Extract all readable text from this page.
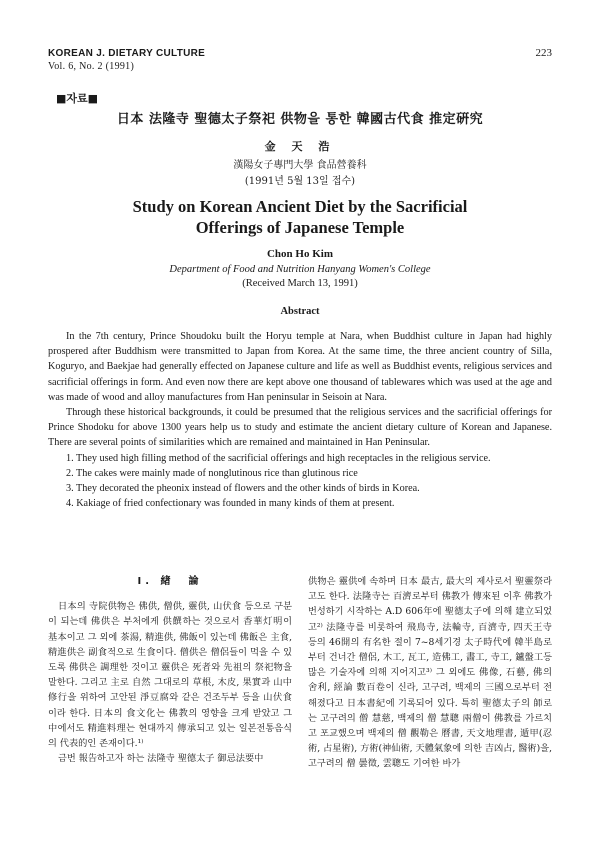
KOREAN J. DIETARY CULTURE
Vol. 6, No. 2 (1991)
223
■자료■
日本 法隆寺 聖德太子祭祀 供物을 통한 韓國古代食 推定硏究
金 天 浩
漢陽女子專門大學 食品營養科
(1991년 5월 13일 접수)
Study on Korean Ancient Diet by the Sacrificial
Offerings of Japanese Temple
Chon Ho Kim
Department of Food and Nutrition Hanyang Women's College
(Received March 13, 1991)
Abstract

In the 7th century, Prince Shoudoku built the Horyu temple at Nara, when Buddhist culture in Japan had highly prospered after Buddhism were transmitted to Japan from Korea. At the same time, the three ancient country of Silla, Koguryo, and Baekjae had generally effected on Japanese culture and life as well as Buddhist events, religious services and sacrificial offerings in form. And even now there are kept above one thousand of tablewares which was used at the age and was made of wood and alloy manufactures from Han peninsular in Seisoin at Nara.

Through these historical backgrounds, it could be presumed that the religious services and the sacrificial offerings for Prince Shodoku for above 1300 years help us to study and estimate the ancient dietary culture of Korean and Japanese. There are several points of similarities which are remained and maintained in Han Peninsular.

1. They used high filling method of the sacrificial offerings and high receptacles in the religious service.
2. The cakes were mainly made of nonglutinous rice than glutinous rice
3. They decorated the pheonix instead of flowers and the other kinds of birds in Korea.
4. Kakiage of fried confectionary was founded in many kinds of them at present.
I. 緖　論

日本의 寺院供物은 佛供, 僧供, 靈供, 山伏食 등으로 구분이 되는데 佛供은 부처에게 供饌하는 것으로서 香華灯明이 基本이고 그 외에 茶湯, 精進供, 佛飯이 있는데 佛飯은 主食, 精進供은 副食적으로 生食이다. 僧供은 僧侶들이 먹을 수 있도록 佛供은 調理한 것이고 靈供은 死者와 先祖의 祭祀物을 말한다. 그리고 主로 自然 그대로의 草根, 木皮, 果實과 山中修行을 위하여 고안된 淨豆腐와 같은 건조두부 등을 山伏食이라 한다. 日本의 食文化는 佛教의 영향을 크게 받았고 그 中에서도 精進料理는 현대까지 傳承되고 있는 일본전통음식의 代表的인 존재이다.¹⁾

금번 報告하고자 하는 法隆寺 聖德太子 御忌法要中

供物은 靈供에 속하며 日本 最古, 最大의 제사로서 聖靈祭라고도 한다. 法隆寺는 百濟로부터 佛教가 傳來된 이후 佛教가 번성하기 시작하는 A.D 606年에 聖德太子에 의해 建立되었고²⁾ 法隆寺를 비롯하여 飛鳥寺, 法輪寺, 百濟寺, 四天王寺 등의 46開의 有名한 절이 7~8세기경 太子時代에 韓半島로부터 건너간 僧侶, 木工, 瓦工, 造佛工, 畵工, 寺工, 鑪盤工등 많은 기술자에 의해 지어지고³⁾ 그 외에도 佛像, 石藝, 佛의 舍利, 經論 數百卷이 신라, 고구려, 백제의 三國으로부터 전해졌다고 日本書紀에 기록되어 있다. 특히 聖德太子의 師로는 고구려의 僧 慧慈, 백제의 僧 慧聰 兩僧이 佛教를 가르치고 포교했으며 백제의 僧 觀勒은 曆書, 天文地理書, 遁甲(忍術, 占星術), 方術(神仙術, 天體氣象에 의한 吉凶占, 醫術)을, 고구려의 僧 曇徵, 雲聰도 기여한 바가
